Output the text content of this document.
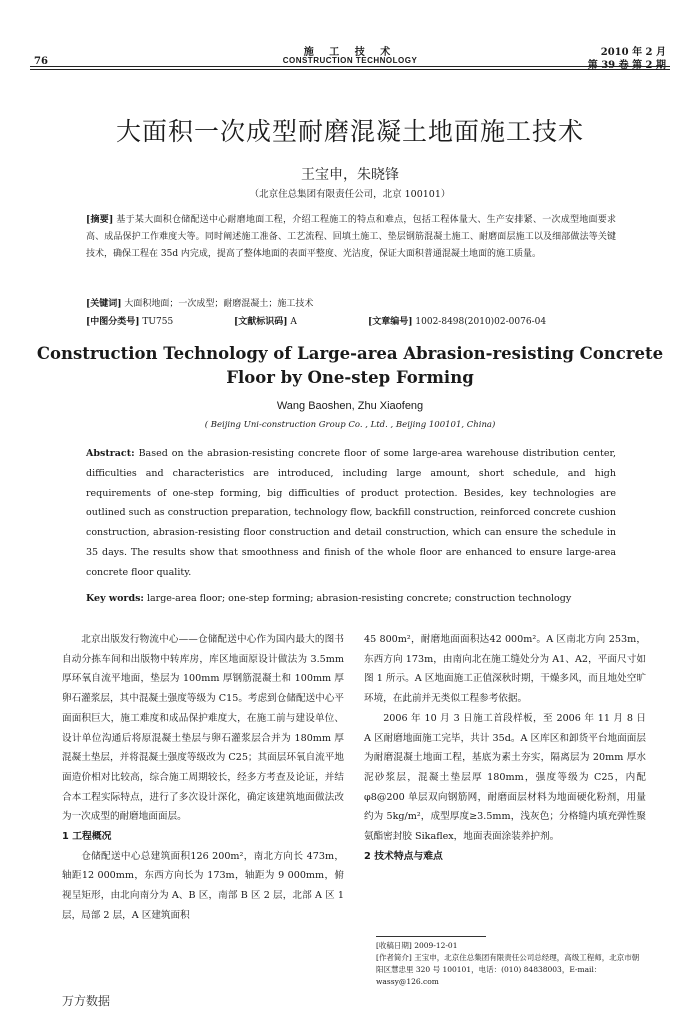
76
施 工 技 术
CONSTRUCTION TECHNOLOGY
2010 年 2 月
第 39 卷 第 2 期
大面积一次成型耐磨混凝土地面施工技术
王宝申，朱晓锋
（北京住总集团有限责任公司，北京 100101）
[摘要] 基于某大面积仓储配送中心耐磨地面工程，介绍工程施工的特点和难点，包括工程体量大、生产安排紧、一次成型地面要求高、成品保护工作难度大等。同时阐述施工准备、工艺流程、回填土施工、垫层钢筋混凝土施工、耐磨面层施工以及细部做法等关键技术，确保工程在 35d 内完成，提高了整体地面的表面平整度、光洁度，保证大面积普通混凝土地面的施工质量。
[关键词] 大面积地面；一次成型；耐磨混凝土；施工技术
[中图分类号] TU755	[文献标识码] A	[文章编号] 1002-8498(2010)02-0076-04
Construction Technology of Large-area Abrasion-resisting Concrete
Floor by One-step Forming
Wang Baoshen, Zhu Xiaofeng
( Beijing Uni-construction Group Co. , Ltd. , Beijing 100101, China)
Abstract: Based on the abrasion-resisting concrete floor of some large-area warehouse distribution center, difficulties and characteristics are introduced, including large amount, short schedule, and high requirements of one-step forming, big difficulties of product protection. Besides, key technologies are outlined such as construction preparation, technology flow, backfill construction, reinforced concrete cushion construction, abrasion-resisting floor construction and detail construction, which can ensure the schedule in 35 days. The results show that smoothness and finish of the whole floor are enhanced to ensure large-area concrete floor quality.
Key words: large-area floor; one-step forming; abrasion-resisting concrete; construction technology

北京出版发行物流中心——仓储配送中心作为国内最大的图书自动分拣车间和出版物中转库房，库区地面原设计做法为 3.5mm 厚环氧自流平地面，垫层为 100mm 厚钢筋混凝土和 100mm 厚卵石灌浆层，其中混凝土强度等级为 C15。考虑到仓储配送中心平面面积巨大，施工难度和成品保护难度大，在施工前与建设单位、设计单位沟通后将原混凝土垫层与卵石灌浆层合并为 180mm 厚混凝土垫层，并将混凝土强度等级改为 C25；其面层环氧自流平地面造价相对比较高，综合施工周期较长，经多方考查及论证，并结合本工程实际特点，进行了多次设计深化，确定该建筑地面做法改为一次成型的耐磨地面面层。

1 工程概况

仓储配送中心总建筑面积126 200m²，南北方向长 473m，轴距12 000mm，东西方向长为 173m，轴距为 9 000mm，俯视呈矩形，由北向南分为 A、B 区，南部 B 区 2 层，北部 A 区 1 层，局部 2 层，A 区建筑面积

45 800m²，耐磨地面面积达42 000m²。A 区南北方向 253m，东西方向 173m，由南向北在施工缝处分为 A1、A2，平面尺寸如图 1 所示。A 区地面施工正值深秋时期，干燥多风，而且地处空旷环境，在此前并无类似工程参考依据。

2006 年 10 月 3 日施工首段样板，至 2006 年 11 月 8 日 A 区耐磨地面施工完毕，共计 35d。A 区库区和卸货平台地面面层为耐磨混凝土地面工程，基底为素土夯实，隔离层为 20mm 厚水泥砂浆层，混凝土垫层厚 180mm，强度等级为 C25，内配 φ8@200 单层双向钢筋网，耐磨面层材料为地面硬化粉剂，用量约为 5kg/m²，成型厚度≥3.5mm，浅灰色；分格缝内填充弹性聚氨酯密封胶 Sikaflex，地面表面涂装养护剂。

2 技术特点与难点
[收稿日期] 2009-12-01
[作者简介] 王宝申，北京住总集团有限责任公司总经理，高级工程师，北京市朝阳区慧忠里 320 号 100101，电话：(010) 84838003，E-mail：wassy@126.com
万方数据
